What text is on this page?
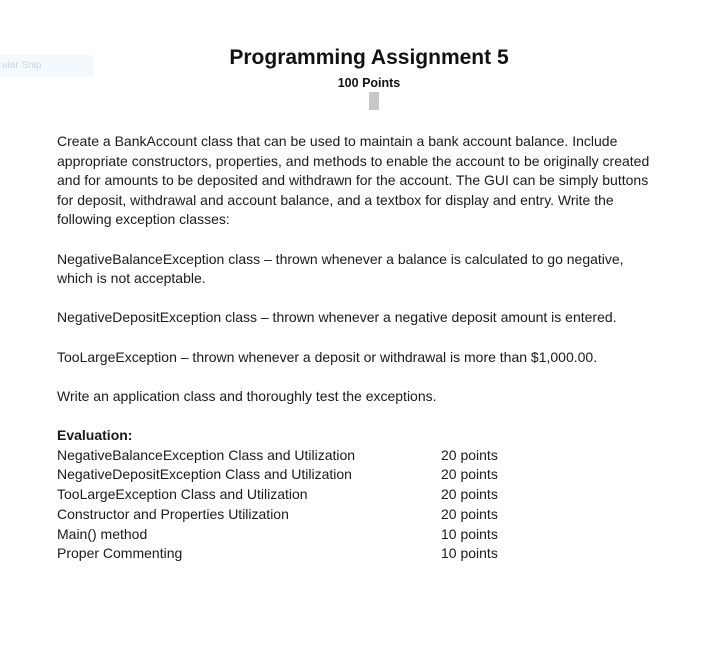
ular Snip	Programming Assignment 5
100 Points

Create a BankAccount class that can be used to maintain a bank account balance. Include appropriate constructors, properties, and methods to enable the account to be originally created and for amounts to be deposited and withdrawn for the account. The GUI can be simply buttons for deposit, withdrawal and account balance, and a textbox for display and entry. Write the following exception classes:

NegativeBalanceException class – thrown whenever a balance is calculated to go negative, which is not acceptable.

NegativeDepositException class – thrown whenever a negative deposit amount is entered.

TooLargeException – thrown whenever a deposit or withdrawal is more than $1,000.00.

Write an application class and thoroughly test the exceptions.

Evaluation:

NegativeBalanceException Class and Utilization	20 points
NegativeDepositException Class and Utilization	20 points
TooLargeException Class and Utilization	20 points
Constructor and Properties Utilization	20 points
Main() method	10 points
Proper Commenting	10 points
